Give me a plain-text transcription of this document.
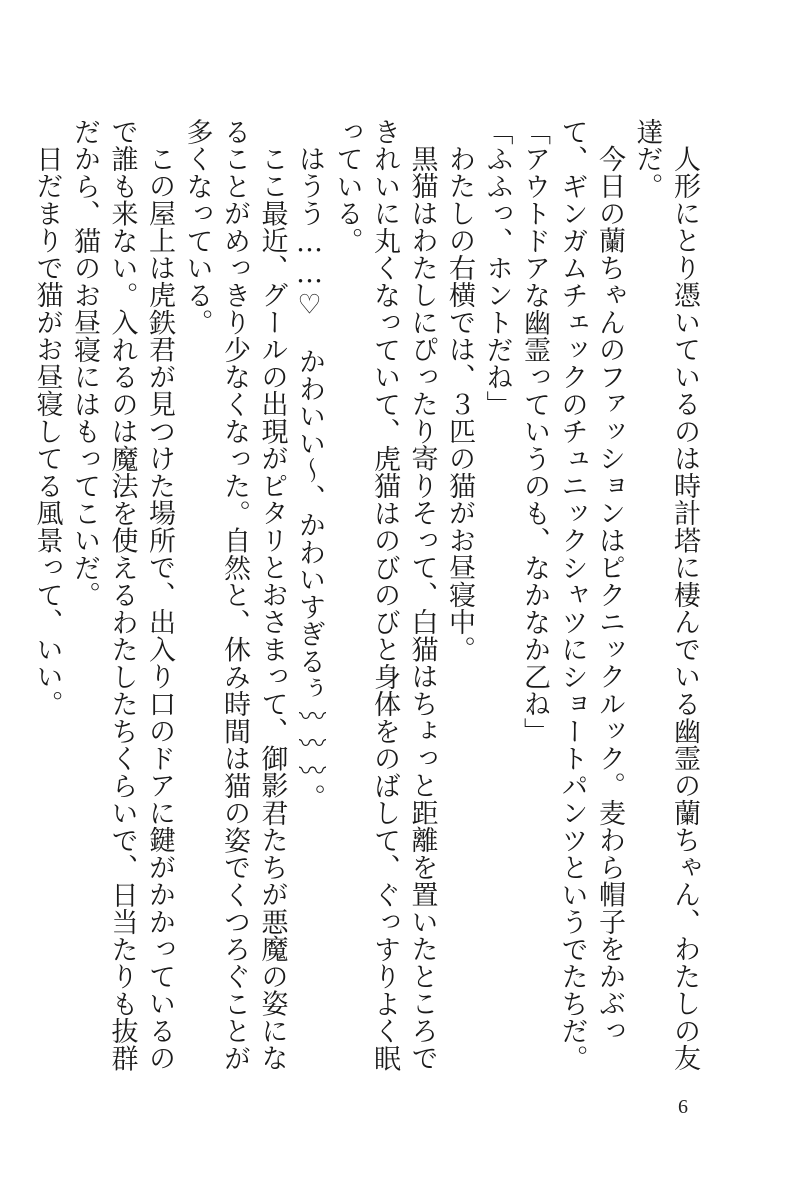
人形にとり憑いているのは時計塔に棲んでいる幽霊の蘭ちゃん、わたしの友達だ。

今日の蘭ちゃんのファッションはピクニックルック。麦わら帽子をかぶって、ギンガムチェックのチュニックシャツにショートパンツというでたちだ。

「アウトドアな幽霊っていうのも、なかなか乙ね」

「ふふっ、ホントだね」

わたしの右横では、３匹の猫がお昼寝中。

黒猫はわたしにぴったり寄りそって、白猫はちょっと距離を置いたところできれいに丸くなっていて、虎猫はのびのびと身体をのばして、ぐっすりよく眠っている。

はうう……♡　かわいい〜、かわいすぎるぅ〰〰〰。

ここ最近、グールの出現がピタリとおさまって、御影君たちが悪魔の姿になることがめっきり少なくなった。自然と、休み時間は猫の姿でくつろぐことが多くなっている。

この屋上は虎鉄君が見つけた場所で、出入り口のドアに鍵がかかっているので誰も来ない。入れるのは魔法を使えるわたしたちくらいで、日当たりも抜群だから、猫のお昼寝にはもってこいだ。

日だまりで猫がお昼寝してる風景って、いい。

6
